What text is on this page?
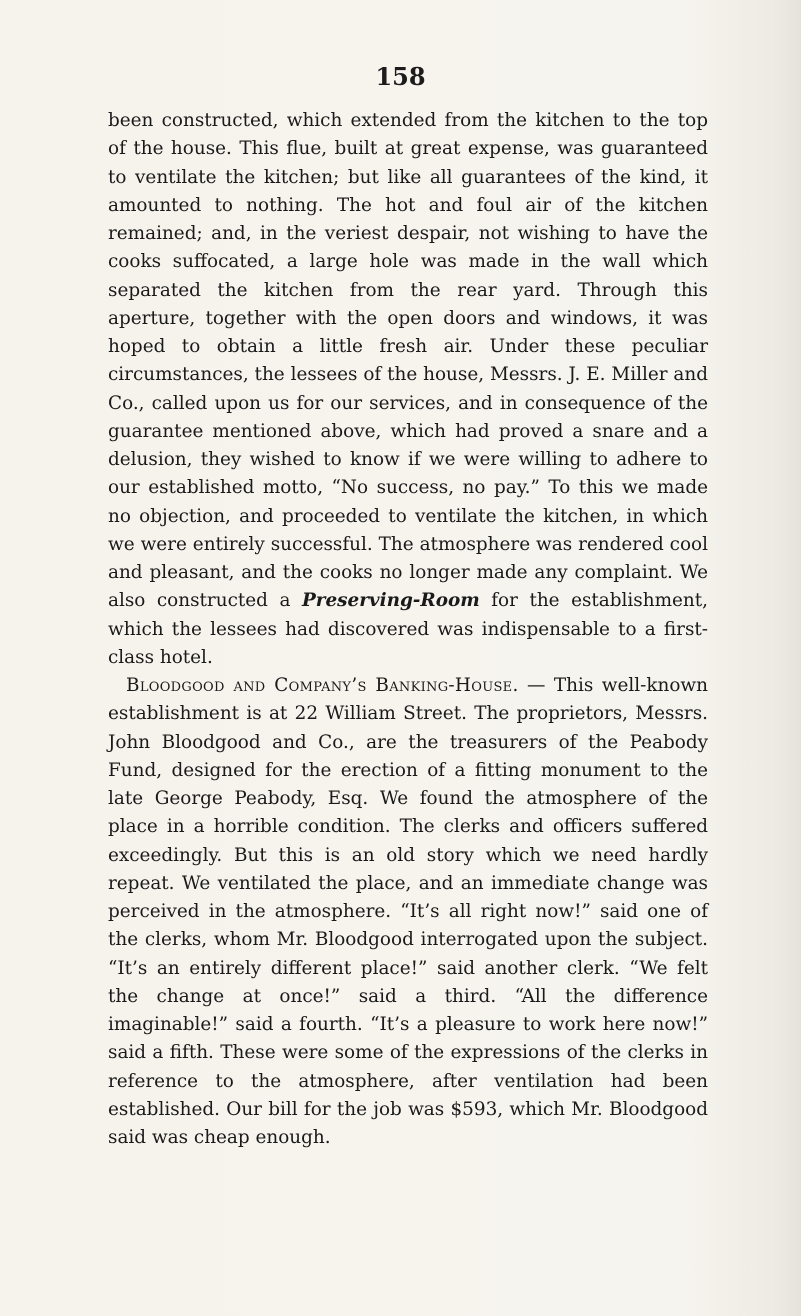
158

been constructed, which extended from the kitchen to the top of the house. This flue, built at great expense, was guaranteed to ventilate the kitchen; but like all guarantees of the kind, it amounted to nothing. The hot and foul air of the kitchen remained; and, in the veriest despair, not wishing to have the cooks suffocated, a large hole was made in the wall which separated the kitchen from the rear yard. Through this aperture, together with the open doors and windows, it was hoped to obtain a little fresh air. Under these peculiar circumstances, the lessees of the house, Messrs. J. E. Miller and Co., called upon us for our services, and in consequence of the guarantee mentioned above, which had proved a snare and a delusion, they wished to know if we were willing to adhere to our established motto, “No success, no pay.” To this we made no objection, and proceeded to ventilate the kitchen, in which we were entirely successful. The atmosphere was rendered cool and pleasant, and the cooks no longer made any complaint. We also constructed a Preserving-Room for the establishment, which the lessees had discovered was indispensable to a first-class hotel.

Bloodgood and Company’s Banking-House. — This well-known establishment is at 22 William Street. The proprietors, Messrs. John Bloodgood and Co., are the treasurers of the Peabody Fund, designed for the erection of a fitting monument to the late George Peabody, Esq. We found the atmosphere of the place in a horrible condition. The clerks and officers suffered exceedingly. But this is an old story which we need hardly repeat. We ventilated the place, and an immediate change was perceived in the atmosphere. “It’s all right now!” said one of the clerks, whom Mr. Bloodgood interrogated upon the subject. “It’s an entirely different place!” said another clerk. “We felt the change at once!” said a third. “All the difference imaginable!” said a fourth. “It’s a pleasure to work here now!” said a fifth. These were some of the expressions of the clerks in reference to the atmosphere, after ventilation had been established. Our bill for the job was $593, which Mr. Bloodgood said was cheap enough.
